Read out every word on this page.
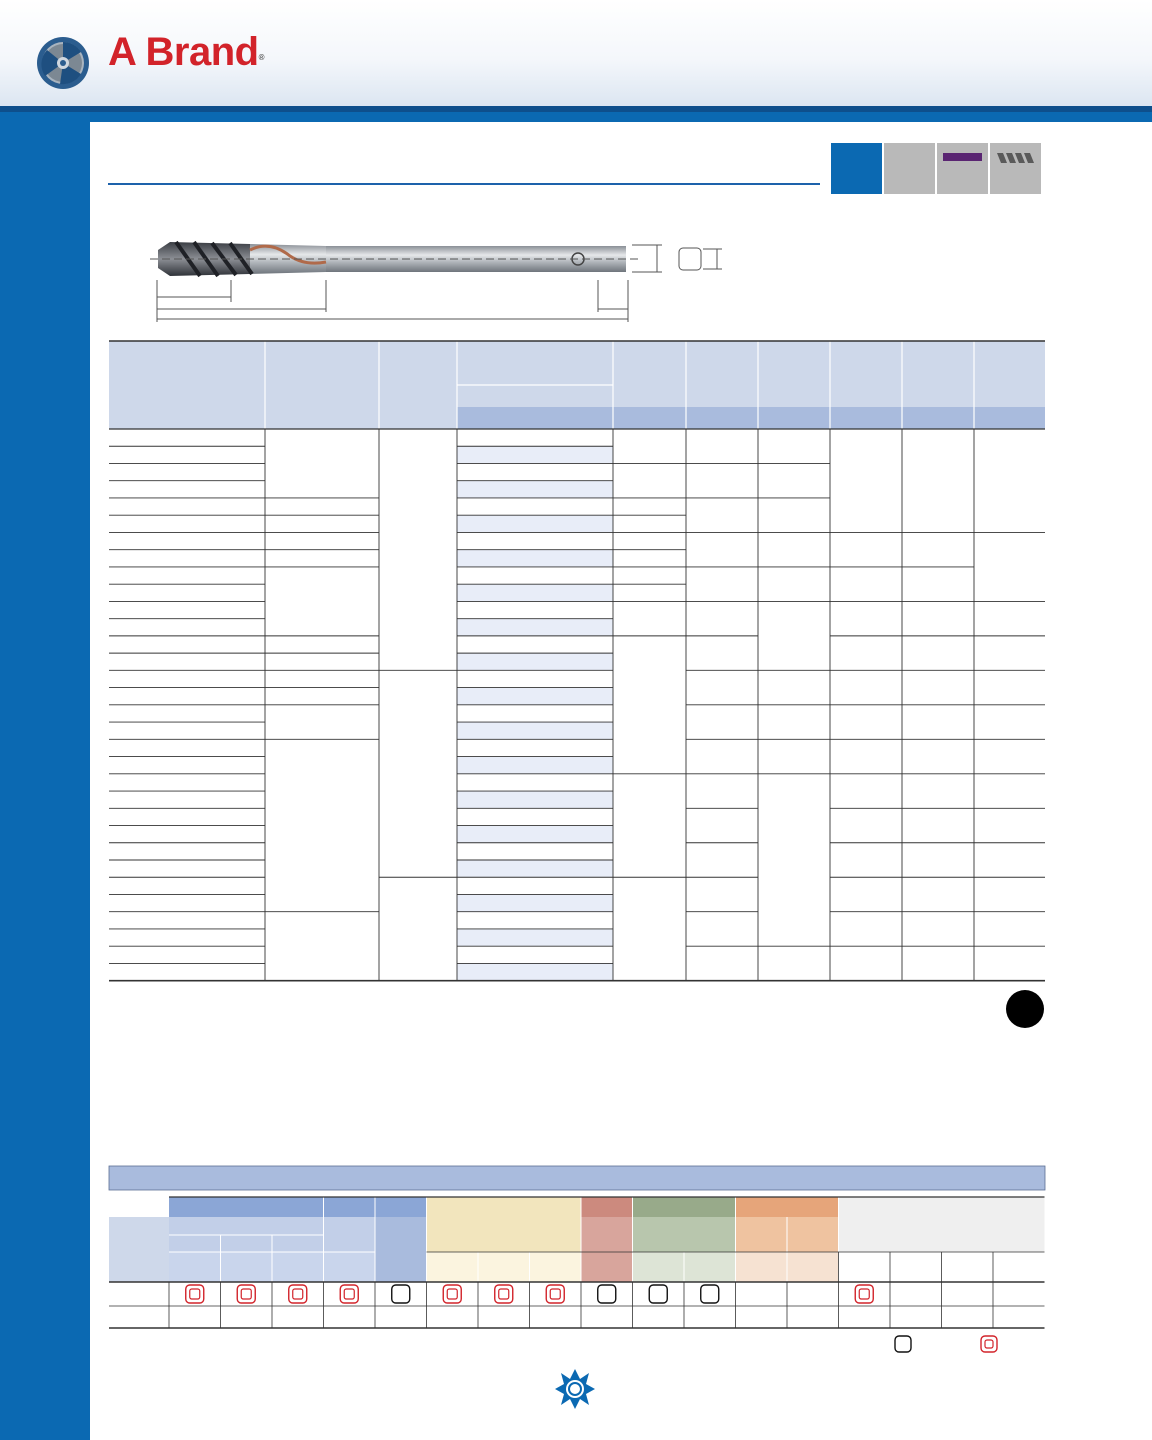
A Brand®
